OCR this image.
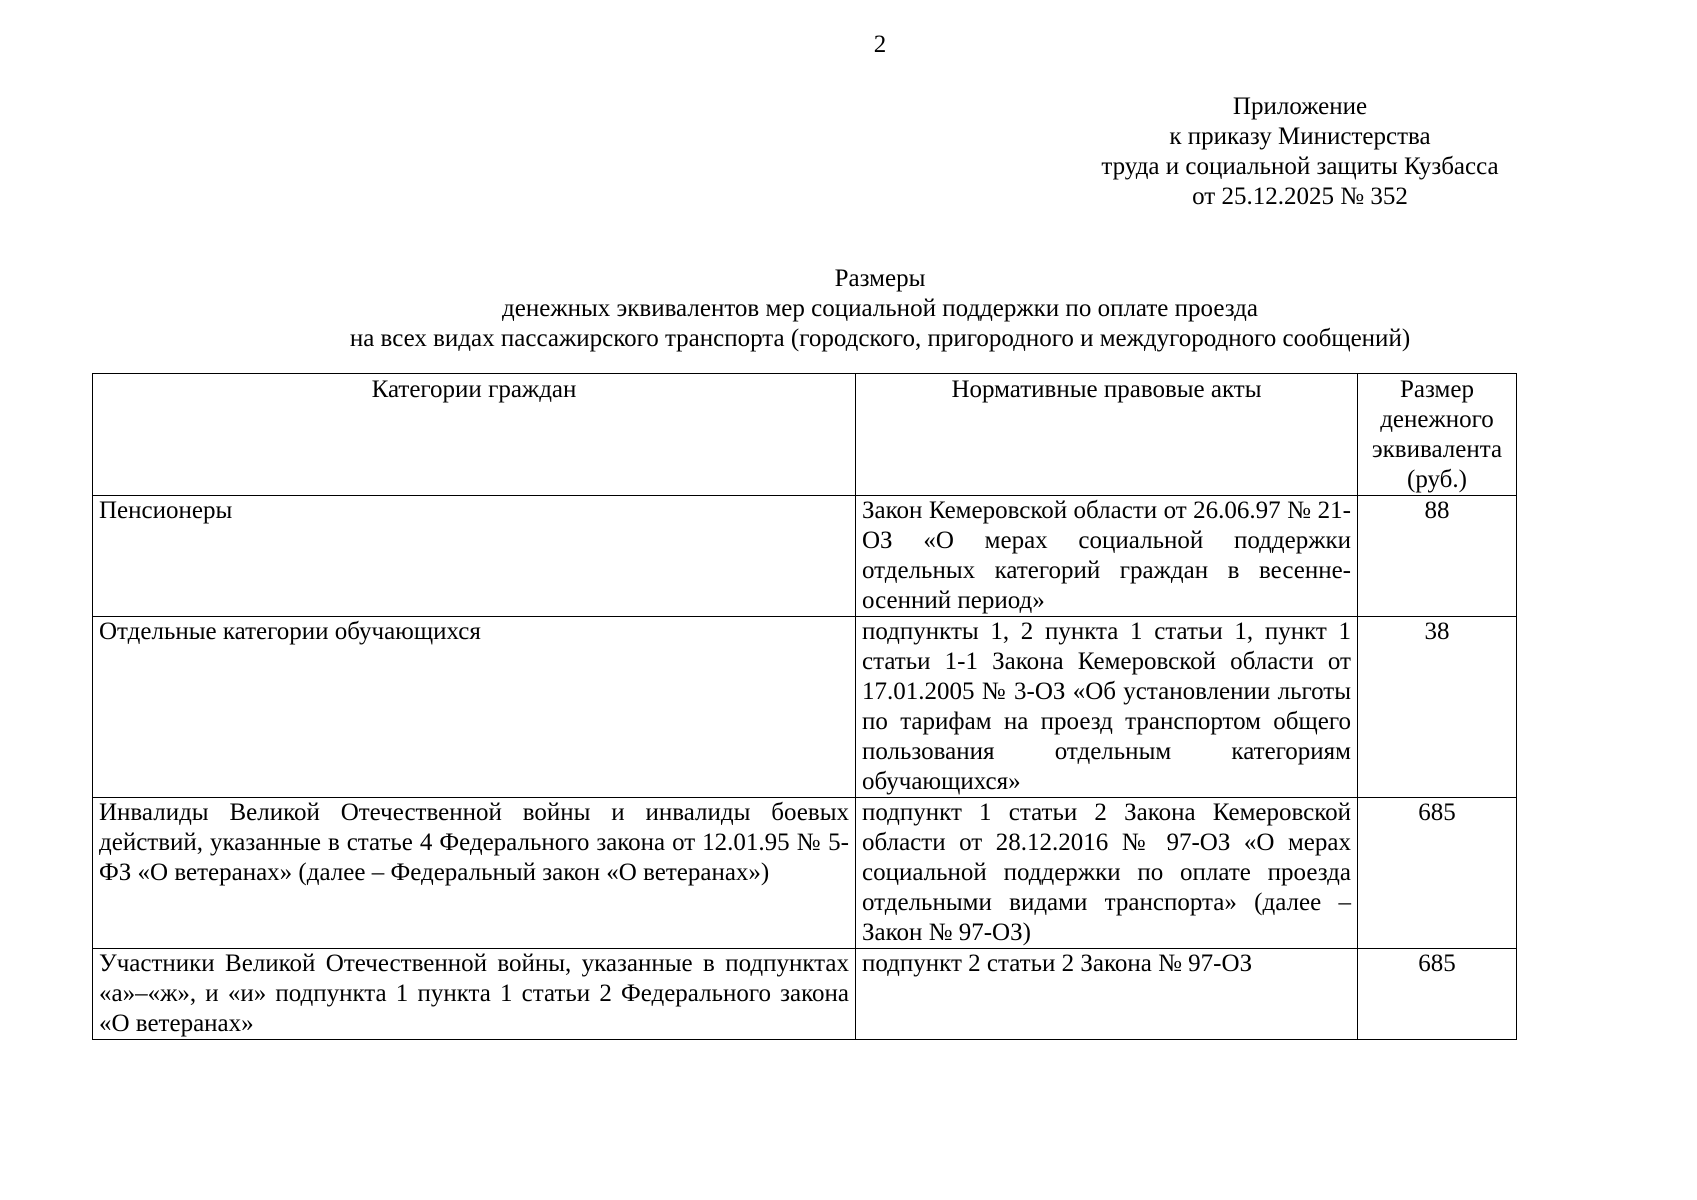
2
Приложение
к приказу Министерства
труда и социальной защиты Кузбасса
от 25.12.2025 № 352
Размеры
денежных эквивалентов мер социальной поддержки по оплате проезда
на всех видах пассажирского транспорта (городского, пригородного и междугородного сообщений)
Категории граждан	Нормативные правовые акты	Размер денежного эквивалента (руб.)
Пенсионеры	Закон Кемеровской области от 26.06.97 № 21-ОЗ «О мерах социальной поддержки отдельных категорий граждан в весенне-осенний период»	88
Отдельные категории обучающихся	подпункты 1, 2 пункта 1 статьи 1, пункт 1 статьи 1-1 Закона Кемеровской области от 17.01.2005 № 3-ОЗ «Об установлении льготы по тарифам на проезд транспортом общего пользования отдельным категориям обучающихся»	38
Инвалиды Великой Отечественной войны и инвалиды боевых действий, указанные в статье 4 Федерального закона от 12.01.95 № 5-ФЗ «О ветеранах» (далее – Федеральный закон «О ветеранах»)	подпункт 1 статьи 2 Закона Кемеровской области от 28.12.2016 № 97-ОЗ «О мерах социальной поддержки по оплате проезда отдельными видами транспорта» (далее – Закон № 97-ОЗ)	685
Участники Великой Отечественной войны, указанные в подпунктах «а»–«ж», и «и» подпункта 1 пункта 1 статьи 2 Федерального закона «О ветеранах»	подпункт 2 статьи 2 Закона № 97-ОЗ	685
